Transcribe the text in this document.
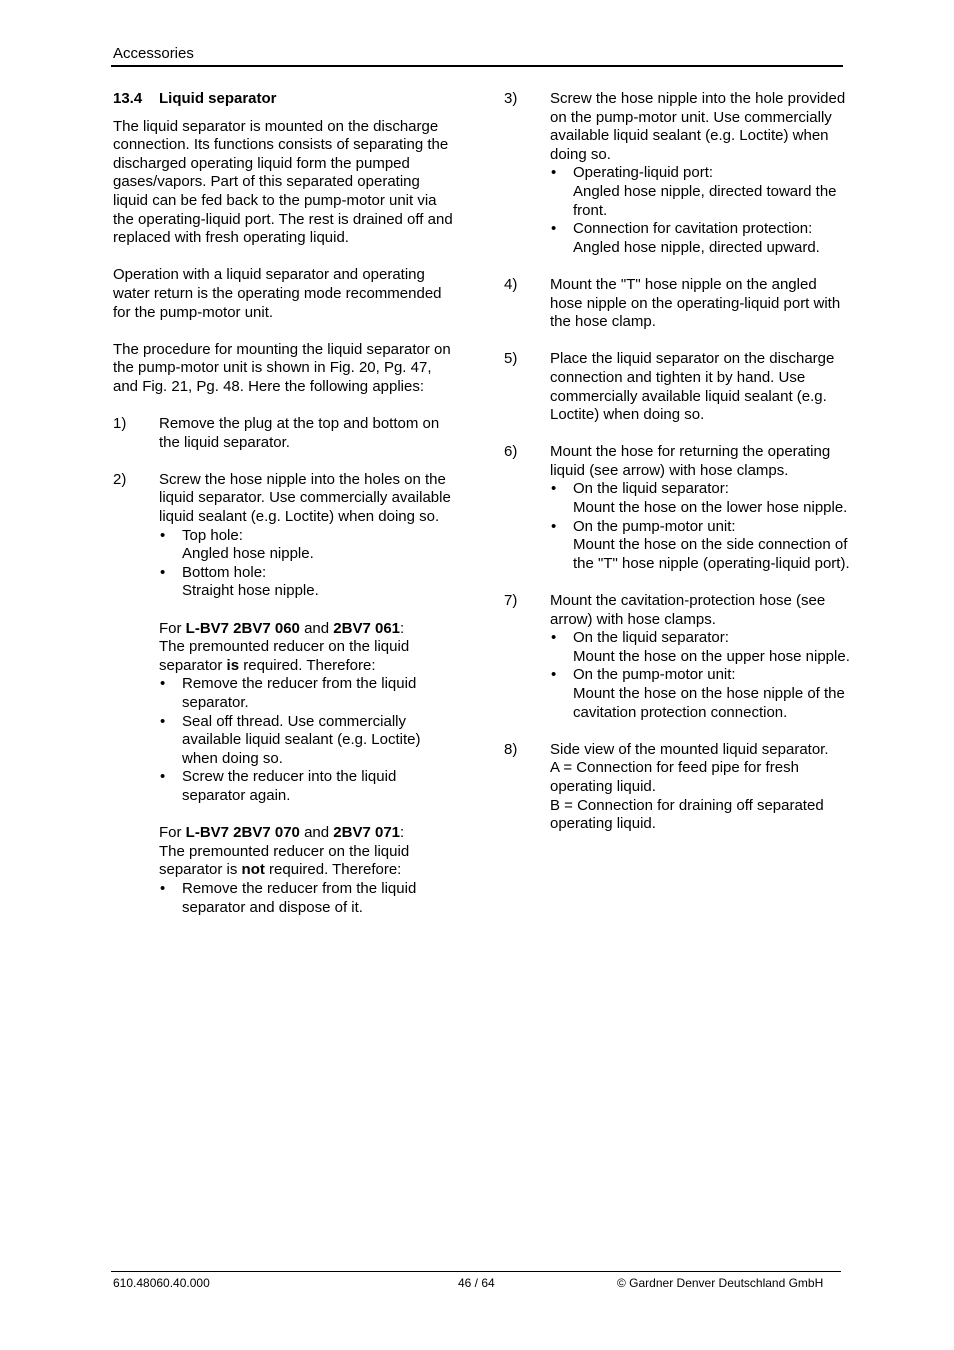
Accessories
13.4	Liquid separator

The liquid separator is mounted on the discharge connection. Its functions consists of separating the discharged operating liquid form the pumped gases/vapors. Part of this separated operating liquid can be fed back to the pump-motor unit via the operating-liquid port. The rest is drained off and replaced with fresh operating liquid.

Operation with a liquid separator and operating water return is the operating mode recommended for the pump-motor unit.

The procedure for mounting the liquid separator on the pump-motor unit is shown in Fig. 20, Pg. 47, and Fig. 21, Pg. 48. Here the following applies:

1)	Remove the plug at the top and bottom on the liquid separator.

2)	Screw the hose nipple into the holes on the liquid separator. Use commercially available liquid sealant (e.g. Loctite) when doing so.

• Top hole:
Angled hose nipple.
• Bottom hole:
Straight hose nipple.

For L-BV7 2BV7 060 and 2BV7 061:

The premounted reducer on the liquid separator is required. Therefore:

• Remove the reducer from the liquid separator.
• Seal off thread. Use commercially available liquid sealant (e.g. Loctite) when doing so.
• Screw the reducer into the liquid separator again.

For L-BV7 2BV7 070 and 2BV7 071:

The premounted reducer on the liquid separator is not required. Therefore:

• Remove the reducer from the liquid separator and dispose of it.
3)	Screw the hose nipple into the hole provided on the pump-motor unit. Use commercially available liquid sealant (e.g. Loctite) when doing so.

• Operating-liquid port:
Angled hose nipple, directed toward the front.
• Connection for cavitation protection:
Angled hose nipple, directed upward.
4)	Mount the "T" hose nipple on the angled hose nipple on the operating-liquid port with the hose clamp.

5)	Place the liquid separator on the discharge connection and tighten it by hand. Use commercially available liquid sealant (e.g. Loctite) when doing so.

6)	Mount the hose for returning the operating liquid (see arrow) with hose clamps.

• On the liquid separator:
Mount the hose on the lower hose nipple.
• On the pump-motor unit:
Mount the hose on the side connection of the "T" hose nipple (operating-liquid port).
7)	Mount the cavitation-protection hose (see arrow) with hose clamps.

• On the liquid separator:
Mount the hose on the upper hose nipple.
• On the pump-motor unit:
Mount the hose on the hose nipple of the cavitation protection connection.
8)	Side view of the mounted liquid separator.

A = Connection for feed pipe for fresh operating liquid.

B = Connection for draining off separated operating liquid.

610.48060.40.000	46 / 64	© Gardner Denver Deutschland GmbH
